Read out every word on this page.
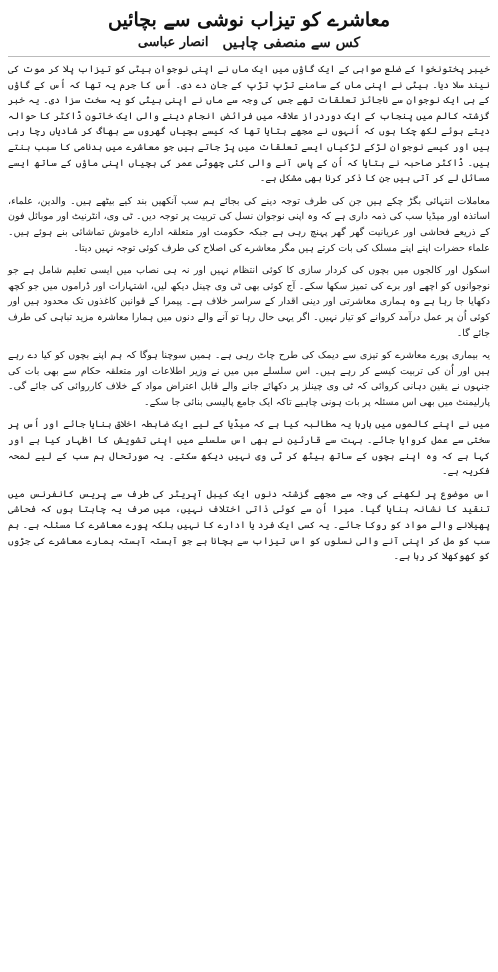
معاشرے کو تیزاب نوشی سے بچائیں
کس سے منصفی چاہیں
انصار عباسی

خیبر پختونخوا کے ضلع صوابی کے ایک گاؤں میں ایک ماں نے اپنی نوجوان بیٹی کو تیزاب پلا کر موت کی نیند سلا دیا۔ بیٹی نے اپنی ماں کے سامنے تڑپ تڑپ کے جان دے دی۔ اُس کا جرم یہ تھا کہ اُس کے گاؤں کے ہی ایک نوجوان سے ناجائز تعلقات تھے جس کی وجہ سے ماں نے اپنی بیٹی کو یہ سخت سزا دی۔ یہ خبر گزشتہ کالم میں پنجاب کے ایک دوردراز علاقہ میں فرائض انجام دینے والی ایک خاتون ڈاکٹر کا حوالہ دیتے ہوئے لکھ چکا ہوں کہ اُنہوں نے مجھے بتایا تھا کہ کیسے بچیاں گھروں سے بھاگ کر شادیاں رچا رہی ہیں اور کیسے نوجوان لڑکے لڑکیاں ایسے تعلقات میں پڑ جاتے ہیں جو معاشرے میں بدنامی کا سبب بنتے ہیں۔ ڈاکٹر صاحبہ نے بتایا کہ اُن کے پاس آنے والی کئی چھوٹی عمر کی بچیاں اپنی ماؤں کے ساتھ ایسے مسائل لے کر آتی ہیں جن کا ذکر کرنا بھی مشکل ہے۔

معاملات انتہائی بگڑ چکے ہیں جن کی طرف توجہ دینے کی بجائے ہم سب آنکھیں بند کیے بیٹھے ہیں۔ والدین، علماء، اساتذہ اور میڈیا سب کی ذمہ داری ہے کہ وہ اپنی نوجوان نسل کی تربیت پر توجہ دیں۔ ٹی وی، انٹرنیٹ اور موبائل فون کے ذریعے فحاشی اور عریانیت گھر گھر پہنچ رہی ہے جبکہ حکومت اور متعلقہ ادارے خاموش تماشائی بنے ہوئے ہیں۔ علماء حضرات اپنے اپنے مسلک کی بات کرتے ہیں مگر معاشرے کی اصلاح کی طرف کوئی توجہ نہیں دیتا۔

اسکول اور کالجوں میں بچوں کی کردار سازی کا کوئی انتظام نہیں اور نہ ہی نصاب میں ایسی تعلیم شامل ہے جو نوجوانوں کو اچھے اور برے کی تمیز سکھا سکے۔ آج کوئی بھی ٹی وی چینل دیکھ لیں، اشتہارات اور ڈراموں میں جو کچھ دکھایا جا رہا ہے وہ ہماری معاشرتی اور دینی اقدار کے سراسر خلاف ہے۔ پیمرا کے قوانین کاغذوں تک محدود ہیں اور کوئی اُن پر عمل درآمد کروانے کو تیار نہیں۔ اگر یہی حال رہا تو آنے والے دنوں میں ہمارا معاشرہ مزید تباہی کی طرف جائے گا۔

یہ بیماری پورے معاشرے کو تیزی سے دیمک کی طرح چاٹ رہی ہے۔ ہمیں سوچنا ہوگا کہ ہم اپنے بچوں کو کیا دے رہے ہیں اور اُن کی تربیت کیسے کر رہے ہیں۔ اس سلسلے میں میں نے وزیر اطلاعات اور متعلقہ حکام سے بھی بات کی جنہوں نے یقین دہانی کروائی کہ ٹی وی چینلز پر دکھائے جانے والے قابل اعتراض مواد کے خلاف کارروائی کی جائے گی۔ پارلیمنٹ میں بھی اس مسئلہ پر بات ہونی چاہیے تاکہ ایک جامع پالیسی بنائی جا سکے۔

میں نے اپنے کالموں میں بارہا یہ مطالبہ کیا ہے کہ میڈیا کے لیے ایک ضابطہ اخلاق بنایا جائے اور اُس پر سختی سے عمل کروایا جائے۔ بہت سے قارئین نے بھی اس سلسلے میں اپنی تشویش کا اظہار کیا ہے اور کہا ہے کہ وہ اپنے بچوں کے ساتھ بیٹھ کر ٹی وی نہیں دیکھ سکتے۔ یہ صورتحال ہم سب کے لیے لمحہ فکریہ ہے۔

اس موضوع پر لکھنے کی وجہ سے مجھے گزشتہ دنوں ایک کیبل آپریٹر کی طرف سے پریس کانفرنس میں تنقید کا نشانہ بنایا گیا۔ میرا اُن سے کوئی ذاتی اختلاف نہیں، میں صرف یہ چاہتا ہوں کہ فحاشی پھیلانے والے مواد کو روکا جائے۔ یہ کسی ایک فرد یا ادارے کا نہیں بلکہ پورے معاشرے کا مسئلہ ہے۔ ہم سب کو مل کر اپنی آنے والی نسلوں کو اس تیزاب سے بچانا ہے جو آہستہ آہستہ ہمارے معاشرے کی جڑوں کو کھوکھلا کر رہا ہے۔
